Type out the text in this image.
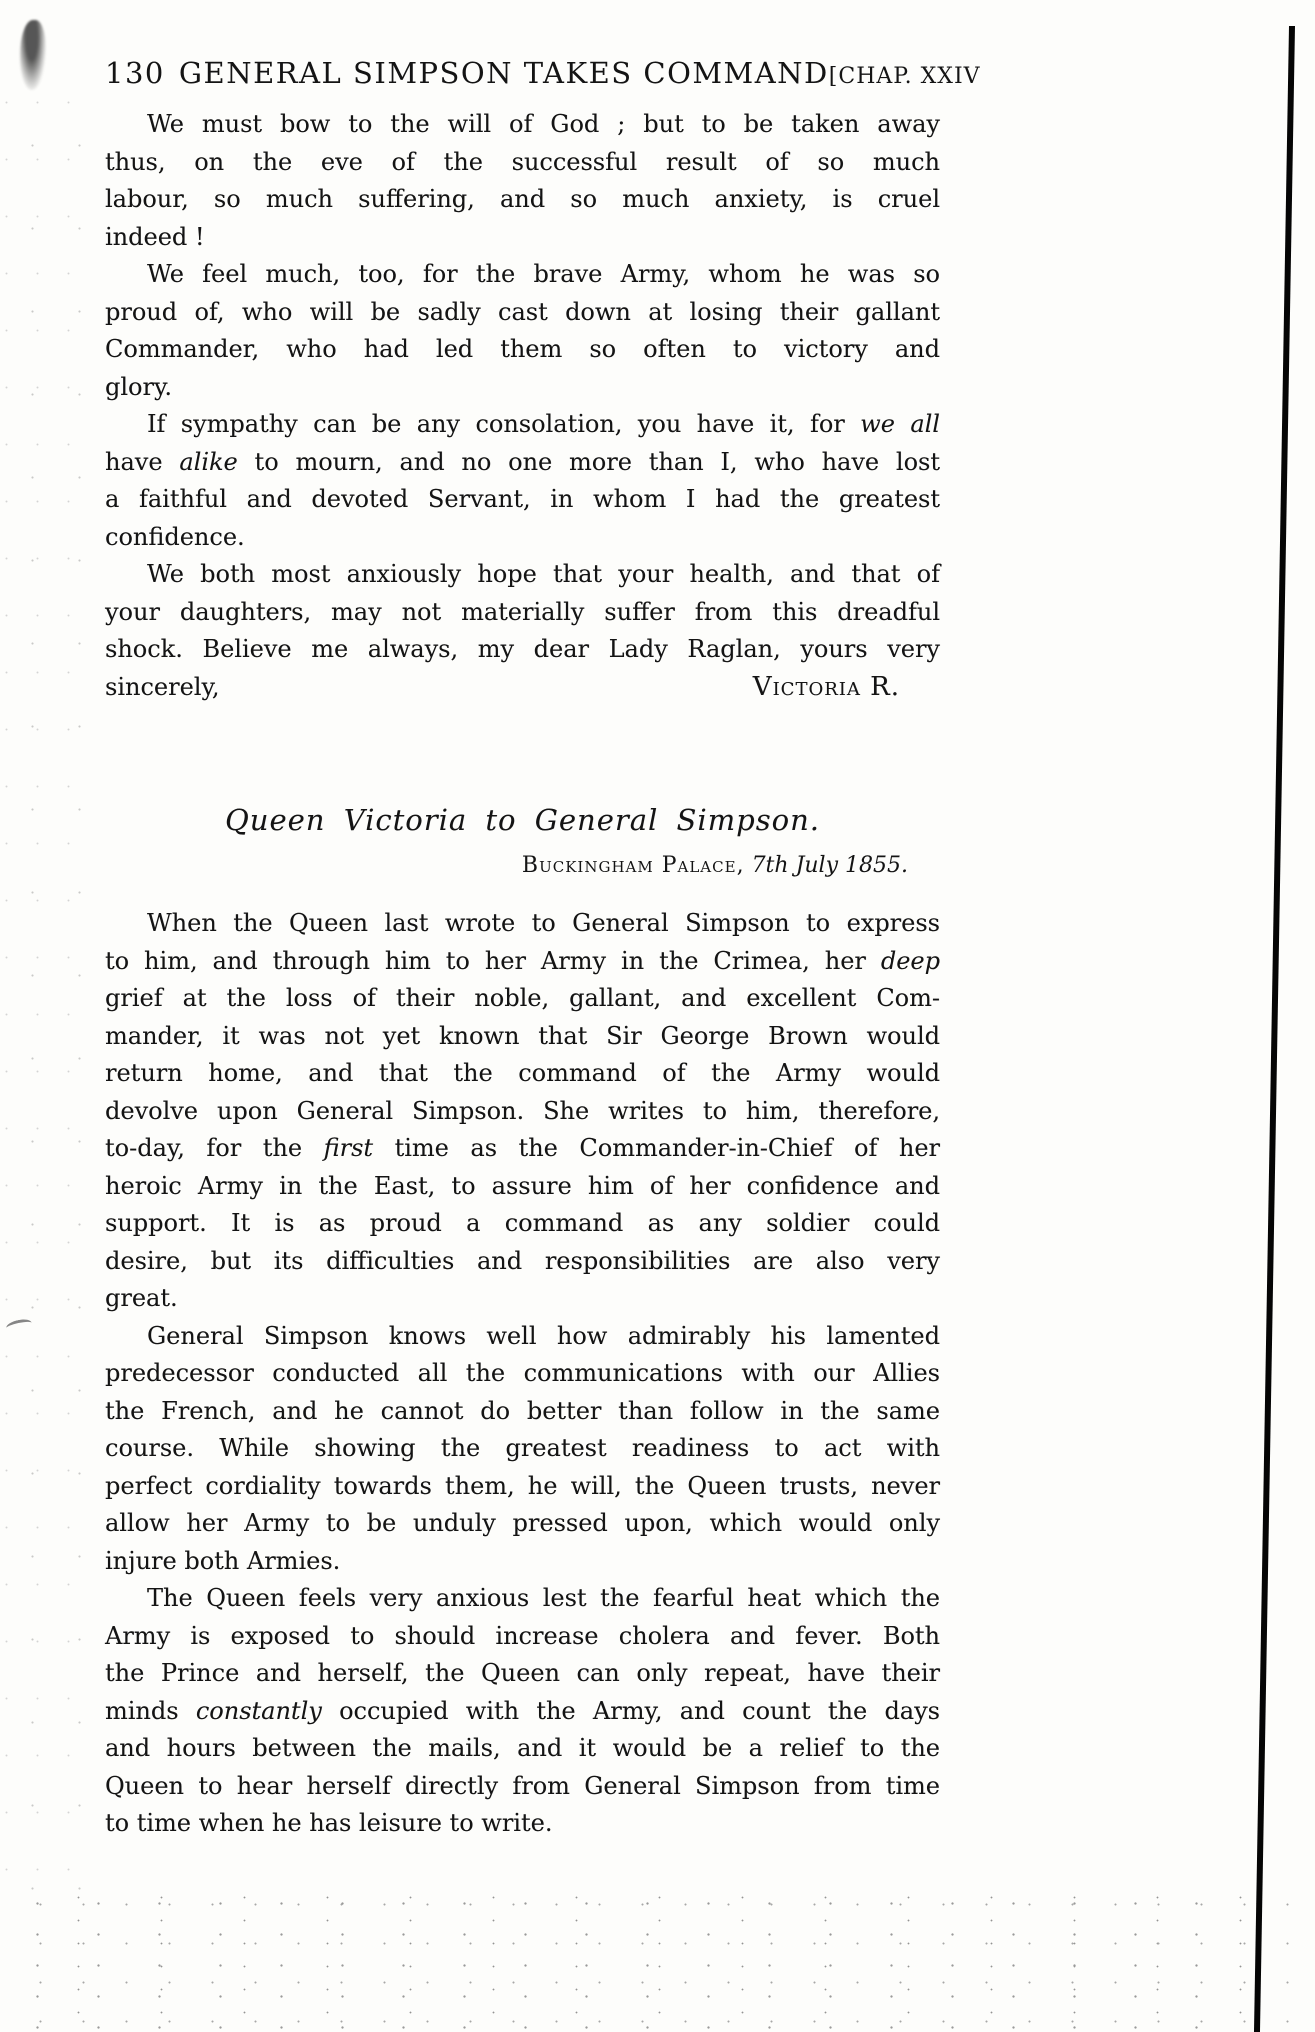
130 GENERAL SIMPSON TAKES COMMAND [CHAP. XXIV
We must bow to the will of God ; but to be taken away
thus, on the eve of the successful result of so much
labour, so much suffering, and so much anxiety, is cruel
indeed !
We feel much, too, for the brave Army, whom he was so
proud of, who will be sadly cast down at losing their gallant
Commander, who had led them so often to victory and
glory.
If sympathy can be any consolation, you have it, for we all
have alike to mourn, and no one more than I, who have lost
a faithful and devoted Servant, in whom I had the greatest
confidence.
We both most anxiously hope that your health, and that of
your daughters, may not materially suffer from this dreadful
shock. Believe me always, my dear Lady Raglan, yours very
sincerely,	Victoria R.
Queen Victoria to General Simpson.
Buckingham Palace, 7th July 1855.
When the Queen last wrote to General Simpson to express
to him, and through him to her Army in the Crimea, her deep
grief at the loss of their noble, gallant, and excellent Com-
mander, it was not yet known that Sir George Brown would
return home, and that the command of the Army would
devolve upon General Simpson. She writes to him, therefore,
to-day, for the first time as the Commander-in-Chief of her
heroic Army in the East, to assure him of her confidence and
support. It is as proud a command as any soldier could
desire, but its difficulties and responsibilities are also very
great.
General Simpson knows well how admirably his lamented
predecessor conducted all the communications with our Allies
the French, and he cannot do better than follow in the same
course. While showing the greatest readiness to act with
perfect cordiality towards them, he will, the Queen trusts, never
allow her Army to be unduly pressed upon, which would only
injure both Armies.
The Queen feels very anxious lest the fearful heat which the
Army is exposed to should increase cholera and fever. Both
the Prince and herself, the Queen can only repeat, have their
minds constantly occupied with the Army, and count the days
and hours between the mails, and it would be a relief to the
Queen to hear herself directly from General Simpson from time
to time when he has leisure to write.
